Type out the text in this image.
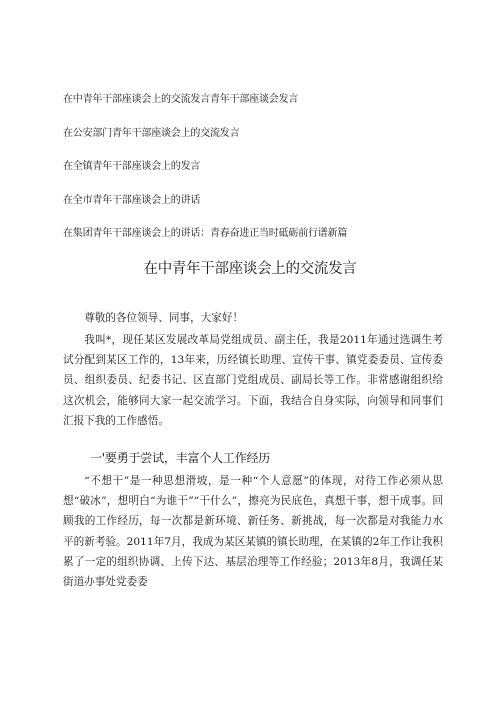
在中青年干部座谈会上的交流发言青年干部座谈会发言
在公安部门青年干部座谈会上的交流发言
在全镇青年干部座谈会上的发言
在全市青年干部座谈会上的讲话
在集团青年干部座谈会上的讲话：青春奋进正当时砥砺前行谱新篇
在中青年干部座谈会上的交流发言

尊敬的各位领导、同事，大家好！

我叫*，现任某区发展改革局党组成员、副主任，我是2011年通过选调生考试分配到某区工作的，13年来，历经镇长助理、宣传干事、镇党委委员、宣传委员、组织委员、纪委书记、区直部门党组成员、副局长等工作。非常感谢组织给这次机会，能够同大家一起交流学习。下面，我结合自身实际，向领导和同事们汇报下我的工作感悟。

一'要勇于尝试，丰富个人工作经历

“不想干”是一种思想滑坡，是一种“个人意愿”的体现，对待工作必须从思想“破冰”，想明白“为谁干”“干什么”，擦亮为民底色，真想干事，想干成事。回顾我的工作经历，每一次都是新环境、新任务、新挑战，每一次都是对我能力水平的新考验。2011年7月，我成为某区某镇的镇长助理，在某镇的2年工作让我积累了一定的组织协调、上传下达、基层治理等工作经验；2013年8月，我调任某街道办事处党委委
